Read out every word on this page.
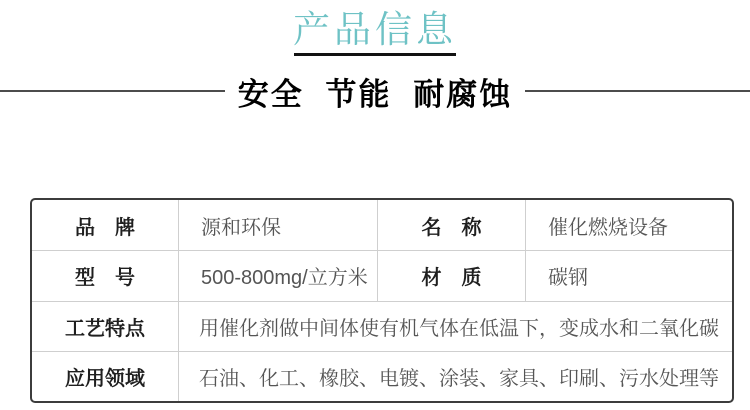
产品信息
安全 节能 耐腐蚀
品　牌	源和环保	名　称	催化燃烧设备
型　号	500-800mg/立方米	材　质	碳钢
工艺特点	用催化剂做中间体使有机气体在低温下，变成水和二氧化碳
应用领域	石油、化工、橡胶、电镀、涂装、家具、印刷、污水处理等
